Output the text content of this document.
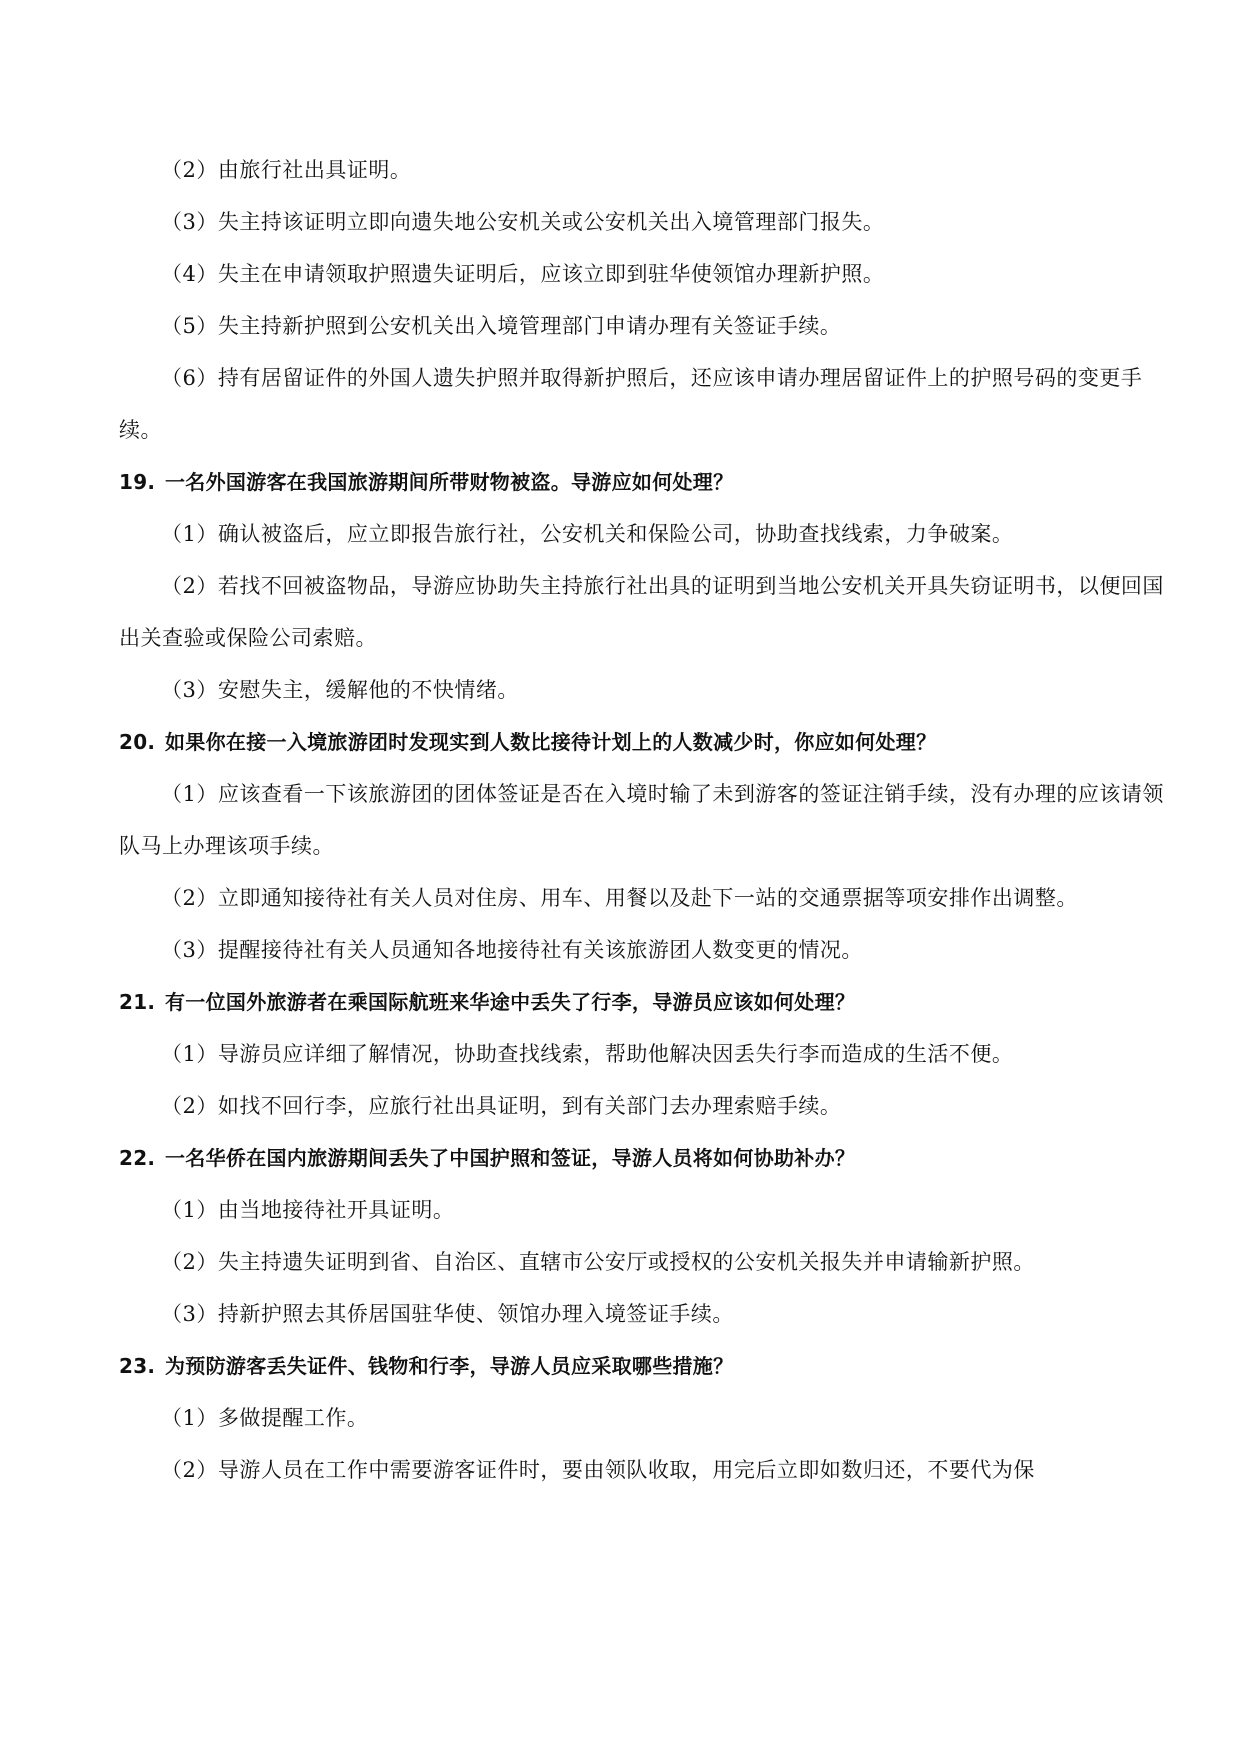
（2）由旅行社出具证明。

（3）失主持该证明立即向遗失地公安机关或公安机关出入境管理部门报失。

（4）失主在申请领取护照遗失证明后，应该立即到驻华使领馆办理新护照。

（5）失主持新护照到公安机关出入境管理部门申请办理有关签证手续。

（6）持有居留证件的外国人遗失护照并取得新护照后，还应该申请办理居留证件上的护照号码的变更手续。

19. 一名外国游客在我国旅游期间所带财物被盗。导游应如何处理？

（1）确认被盗后，应立即报告旅行社，公安机关和保险公司，协助查找线索，力争破案。

（2）若找不回被盗物品，导游应协助失主持旅行社出具的证明到当地公安机关开具失窃证明书，以便回国出关查验或保险公司索赔。

（3）安慰失主，缓解他的不快情绪。

20. 如果你在接一入境旅游团时发现实到人数比接待计划上的人数减少时，你应如何处理？

（1）应该查看一下该旅游团的团体签证是否在入境时输了未到游客的签证注销手续，没有办理的应该请领队马上办理该项手续。

（2）立即通知接待社有关人员对住房、用车、用餐以及赴下一站的交通票据等项安排作出调整。

（3）提醒接待社有关人员通知各地接待社有关该旅游团人数变更的情况。

21. 有一位国外旅游者在乘国际航班来华途中丢失了行李，导游员应该如何处理？

（1）导游员应详细了解情况，协助查找线索，帮助他解决因丢失行李而造成的生活不便。

（2）如找不回行李，应旅行社出具证明，到有关部门去办理索赔手续。

22. 一名华侨在国内旅游期间丢失了中国护照和签证，导游人员将如何协助补办？

（1）由当地接待社开具证明。

（2）失主持遗失证明到省、自治区、直辖市公安厅或授权的公安机关报失并申请输新护照。

（3）持新护照去其侨居国驻华使、领馆办理入境签证手续。

23. 为预防游客丢失证件、钱物和行李，导游人员应采取哪些措施？

（1）多做提醒工作。

（2）导游人员在工作中需要游客证件时，要由领队收取，用完后立即如数归还，不要代为保
